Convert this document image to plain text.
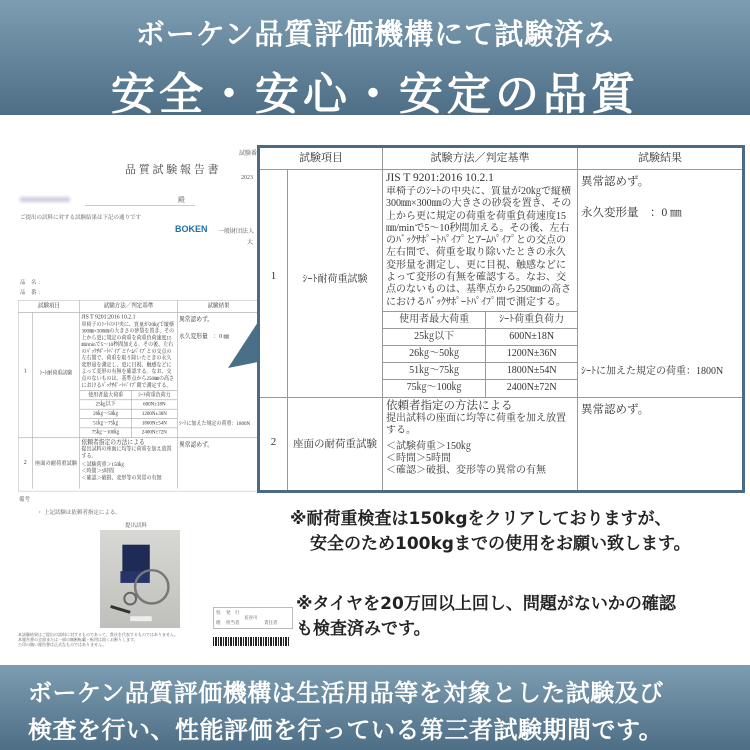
ボーケン品質評価機構にて試験済み
安全・安心・安定の品質
品 質 試 験 報 告 書
試験番
2023
殿
ご提出の試料に対する試験結果は下記の通りです
BOKEN 一般財団法人
大
品　名 ：
品　番 ：
試験項目	試験方法／判定基準	試験結果
1	ｼｰﾄ耐荷重試験
JIS T 9201:2016 10.2.1
車椅子のｼｰﾄの中央に、質量が20㎏で縦横300㎜×300㎜の大きさの砂袋を置き、その上から更に規定の荷重を荷重負荷速度15㎜/minで5～10秒間加える。その後、左右のﾊﾞｯｸｻﾎﾟｰﾄﾊﾟｲﾌﾟとｱｰﾑﾊﾟｲﾌﾟとの交点の左右間で、荷重を取り除いたときの永久変形量を測定し、更に目視、触感などによって変形の有無を確認する。なお、交点のないものは、基準点から250㎜の高さにおけるﾊﾞｯｸｻﾎﾟｰﾄﾊﾟｲﾌﾟ間で測定する。
使用者最大荷重	ｼｰﾄ荷重負荷力
25㎏以下	600N±18N
26㎏～50㎏	1200N±36N
51㎏～75㎏	1800N±54N
75㎏～100㎏	2400N±72N
異常認めず。
永久変形量　：0 ㎜
ｼｰﾄに加えた規定の荷重：1800N
2 座面の耐荷重試験
依頼者指定の方法による
提出試料の座面に均等に荷重を加え放置する。
＜試験荷重＞150㎏
＜時間＞5時間
＜確認＞破損、変形等の異常の有無
異常認めず。
備考
・ 上記試験は依頼者指定による。
提出試料
本試験結果はご提出の試料に対するものであって、貴社を代表するものではありません。
本報告書の全部または一部の無断転載・転用は固くお断りします。
公印の無い報告書は正式なものではありません。
処
理
発　行
担当者
長谷川
責任者
試験項目	試験方法／判定基準	試験結果
1	ｼｰﾄ耐荷重試験
JIS T 9201:2016 10.2.1
車椅子のｼｰﾄの中央に、質量が20㎏で縦横300㎜×300㎜の大きさの砂袋を置き、その上から更に規定の荷重を荷重負荷速度15㎜/minで5～10秒間加える。その後、左右のﾊﾞｯｸｻﾎﾟｰﾄﾊﾟｲﾌﾟとｱｰﾑﾊﾟｲﾌﾟとの交点の左右間で、荷重を取り除いたときの永久変形量を測定し、更に目視、触感などによって変形の有無を確認する。なお、交点のないものは、基準点から250㎜の高さにおけるﾊﾞｯｸｻﾎﾟｰﾄﾊﾟｲﾌﾟ間で測定する。
使用者最大荷重	ｼｰﾄ荷重負荷力
25㎏以下	600N±18N
26㎏～50㎏	1200N±36N
51㎏～75㎏	1800N±54N
75㎏～100㎏	2400N±72N
異常認めず。
永久変形量　：0 ㎜
ｼｰﾄに加えた規定の荷重：1800N
2	座面の耐荷重試験
依頼者指定の方法による
提出試料の座面に均等に荷重を加え放置する。
＜試験荷重＞150㎏
＜時間＞5時間
＜確認＞破損、変形等の異常の有無
異常認めず。
※耐荷重検査は150kgをクリアしておりますが、
安全のため100kgまでの使用をお願い致します。
※タイヤを20万回以上回し、問題がないかの確認
も検査済みです。
ボーケン品質評価機構は生活用品等を対象とした試験及び
検査を行い、性能評価を行っている第三者試験期間です。
